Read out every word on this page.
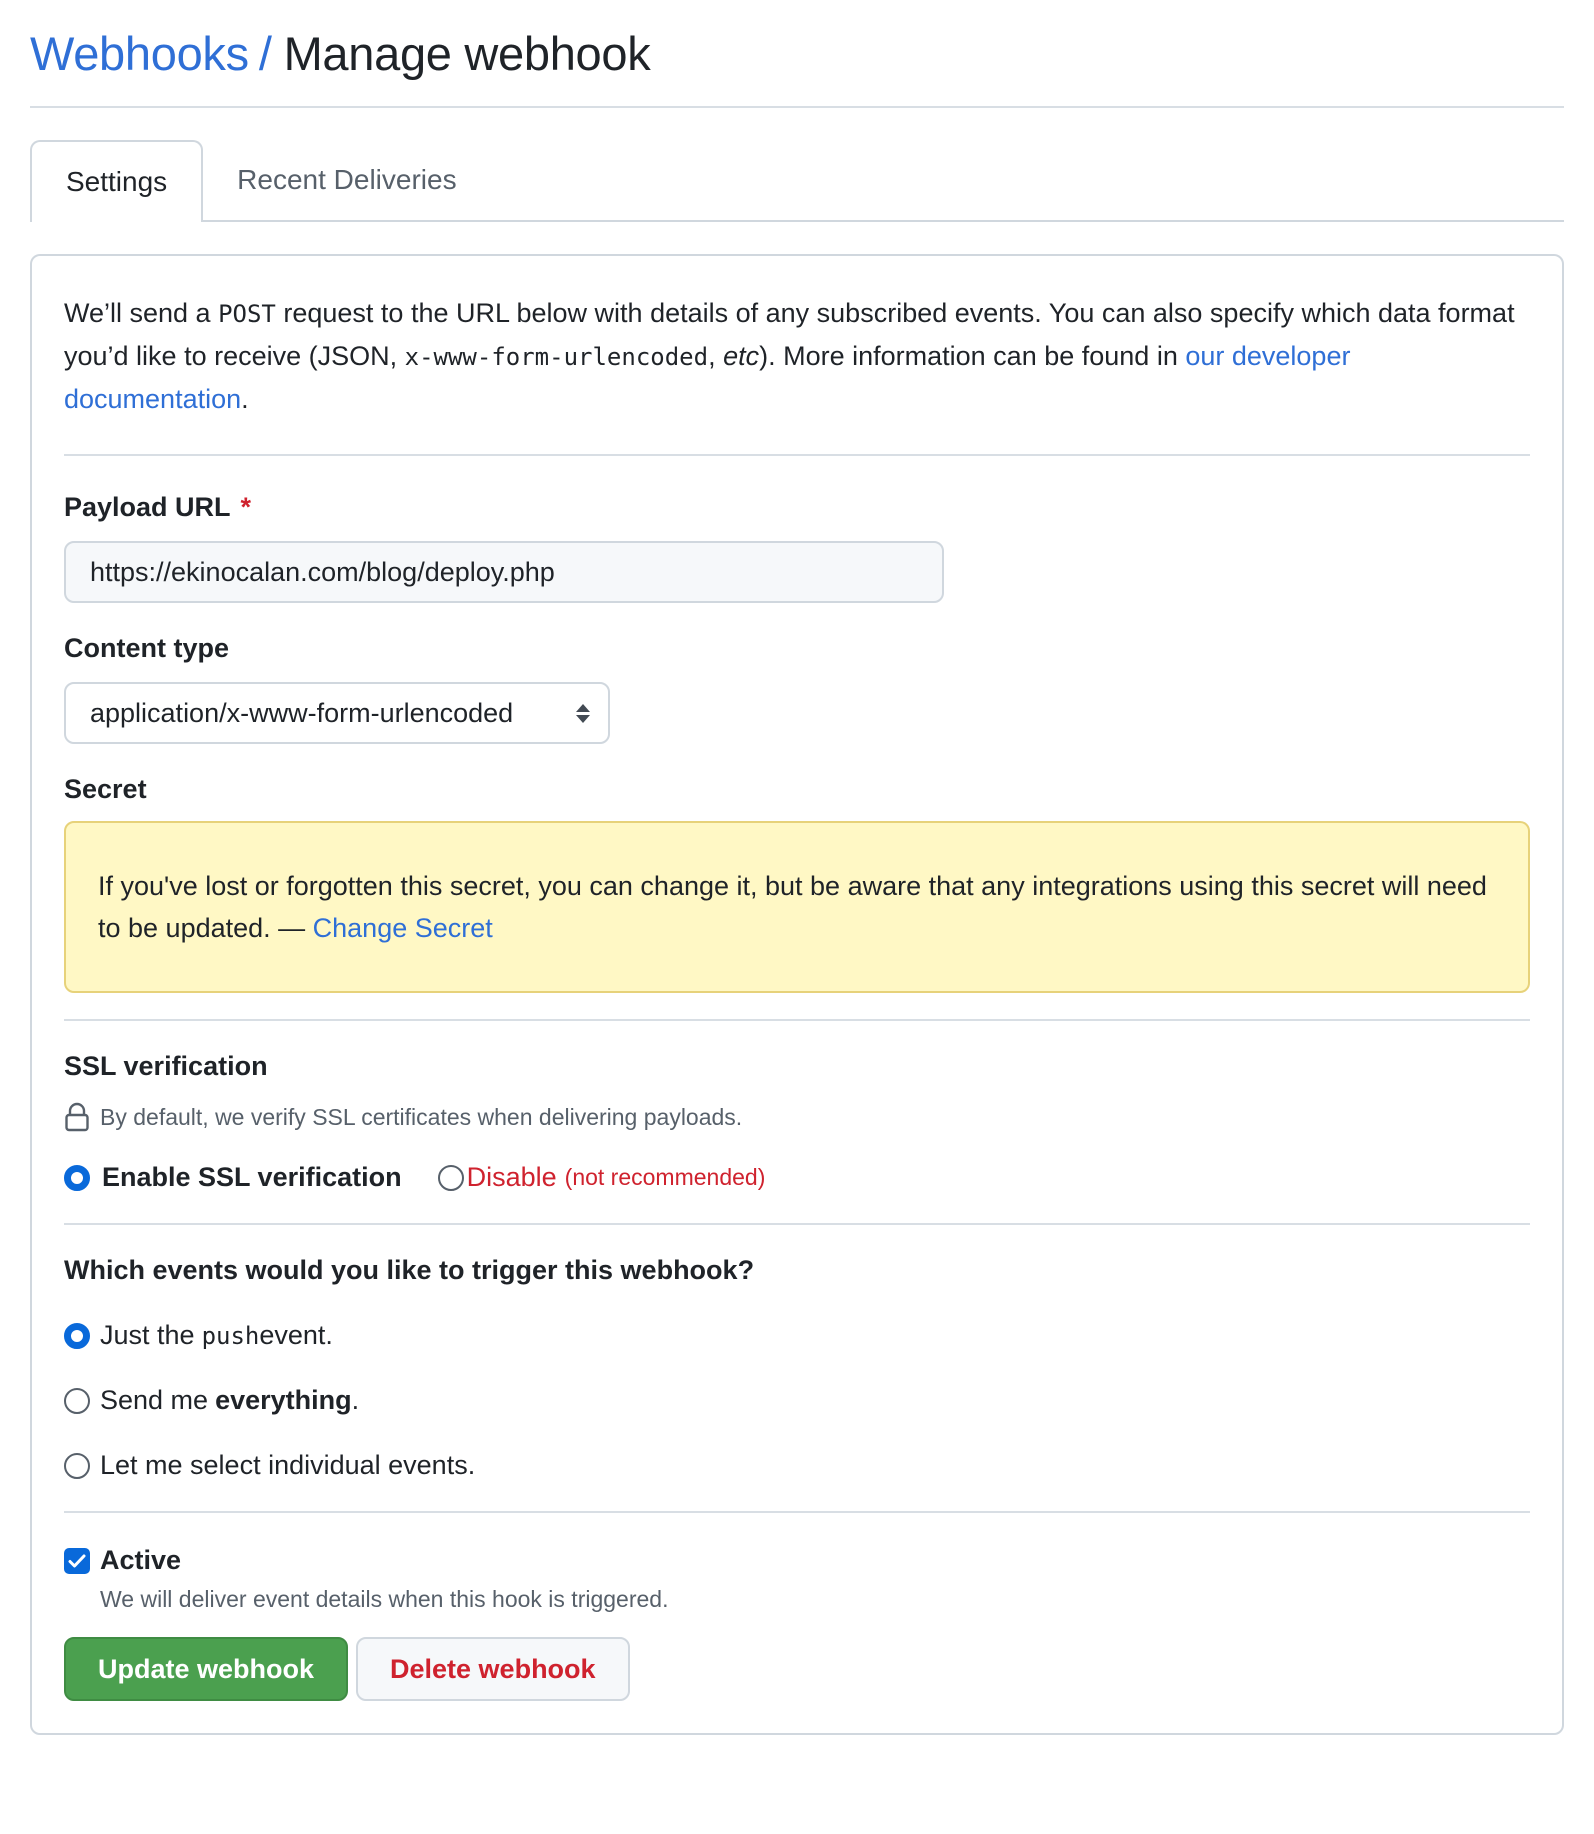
Webhooks / Manage webhook
Settings	Recent Deliveries
We’ll send a POST request to the URL below with details of any subscribed events. You can also specify which data format you’d like to receive (JSON, x-www-form-urlencoded, etc). More information can be found in our developer documentation.
Payload URL *
https://ekinocalan.com/blog/deploy.php
Content type
application/x-www-form-urlencoded
Secret
If you've lost or forgotten this secret, you can change it, but be aware that any integrations using this secret will need to be updated. — Change Secret
SSL verification
By default, we verify SSL certificates when delivering payloads.
Enable SSL verification Disable (not recommended)
Which events would you like to trigger this webhook?
Just the push event.
Send me everything .
Let me select individual events.
Active
We will deliver event details when this hook is triggered.
Update webhook	Delete webhook
